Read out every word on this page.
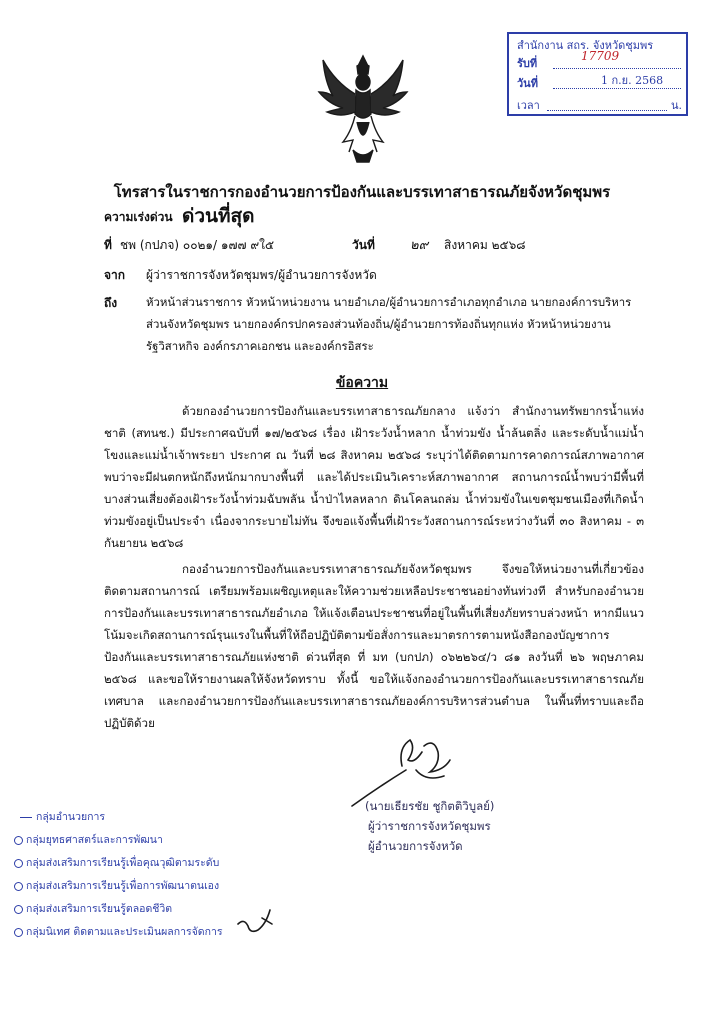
สำนักงาน สถร. จังหวัดชุมพร
รับที่
17709
วันที่	1 ก.ย. 2568
เวลา	น.
โทรสารในราชการกองอำนวยการป้องกันและบรรเทาสาธารณภัยจังหวัดชุมพร
ความเร่งด่วน ด่วนที่สุด
ที่ ชพ (กปภจ) ๐๐๒๑/ ๑๗๗ ๙ใ๕	วันที่	๒๙ สิงหาคม ๒๕๖๘
จาก ผู้ว่าราชการจังหวัดชุมพร/ผู้อำนวยการจังหวัด
ถึง	หัวหน้าส่วนราชการ หัวหน้าหน่วยงาน นายอำเภอ/ผู้อำนวยการอำเภอทุกอำเภอ นายกองค์การบริหาร
ส่วนจังหวัดชุมพร นายกองค์กรปกครองส่วนท้องถิ่น/ผู้อำนวยการท้องถิ่นทุกแห่ง หัวหน้าหน่วยงาน
รัฐวิสาหกิจ องค์กรภาคเอกชน และองค์กรอิสระ
ข้อความ

ด้วยกองอำนวยการป้องกันและบรรเทาสาธารณภัยกลาง แจ้งว่า สำนักงานทรัพยากรน้ำแห่งชาติ (สทนช.) มีประกาศฉบับที่ ๑๗/๒๕๖๘ เรื่อง เฝ้าระวังน้ำหลาก น้ำท่วมขัง น้ำล้นตลิ่ง และระดับน้ำแม่น้ำโขงและแม่น้ำเจ้าพระยา ประกาศ ณ วันที่ ๒๘ สิงหาคม ๒๕๖๘ ระบุว่าได้ติดตามการคาดการณ์สภาพอากาศ พบว่าจะมีฝนตกหนักถึงหนักมากบางพื้นที่ และได้ประเมินวิเคราะห์สภาพอากาศ สถานการณ์น้ำพบว่ามีพื้นที่บางส่วนเสี่ยงต้องเฝ้าระวังน้ำท่วมฉับพลัน น้ำป่าไหลหลาก ดินโคลนถล่ม น้ำท่วมขังในเขตชุมชนเมืองที่เกิดน้ำท่วมขังอยู่เป็นประจำ เนื่องจากระบายไม่ทัน จึงขอแจ้งพื้นที่เฝ้าระวังสถานการณ์ระหว่างวันที่ ๓๐ สิงหาคม - ๓ กันยายน ๒๕๖๘

กองอำนวยการป้องกันและบรรเทาสาธารณภัยจังหวัดชุมพร จึงขอให้หน่วยงานที่เกี่ยวข้องติดตามสถานการณ์ เตรียมพร้อมเผชิญเหตุและให้ความช่วยเหลือประชาชนอย่างทันท่วงที สำหรับกองอำนวยการป้องกันและบรรเทาสาธารณภัยอำเภอ ให้แจ้งเตือนประชาชนที่อยู่ในพื้นที่เสี่ยงภัยทราบล่วงหน้า หากมีแนวโน้มจะเกิดสถานการณ์รุนแรงในพื้นที่ให้ถือปฏิบัติตามข้อสั่งการและมาตรการตามหนังสือกองบัญชาการป้องกันและบรรเทาสาธารณภัยแห่งชาติ ด่วนที่สุด ที่ มท (บกปภ) ๐๖๒๒๖๔/ว ๘๑ ลงวันที่ ๒๖ พฤษภาคม ๒๕๖๘ และขอให้รายงานผลให้จังหวัดทราบ ทั้งนี้ ขอให้แจ้งกองอำนวยการป้องกันและบรรเทาสาธารณภัยเทศบาล และกองอำนวยการป้องกันและบรรเทาสาธารณภัยองค์การบริหารส่วนตำบล ในพื้นที่ทราบและถือปฏิบัติด้วย

(นายเธียรชัย ชูกิตติวิบูลย์)
ผู้ว่าราชการจังหวัดชุมพร
ผู้อำนวยการจังหวัด
กลุ่มอำนวยการ
กลุ่มยุทธศาสตร์และการพัฒนา
กลุ่มส่งเสริมการเรียนรู้เพื่อคุณวุฒิตามระดับ
กลุ่มส่งเสริมการเรียนรู้เพื่อการพัฒนาตนเอง
กลุ่มส่งเสริมการเรียนรู้ตลอดชีวิต
กลุ่มนิเทศ ติดตามและประเมินผลการจัดการ
